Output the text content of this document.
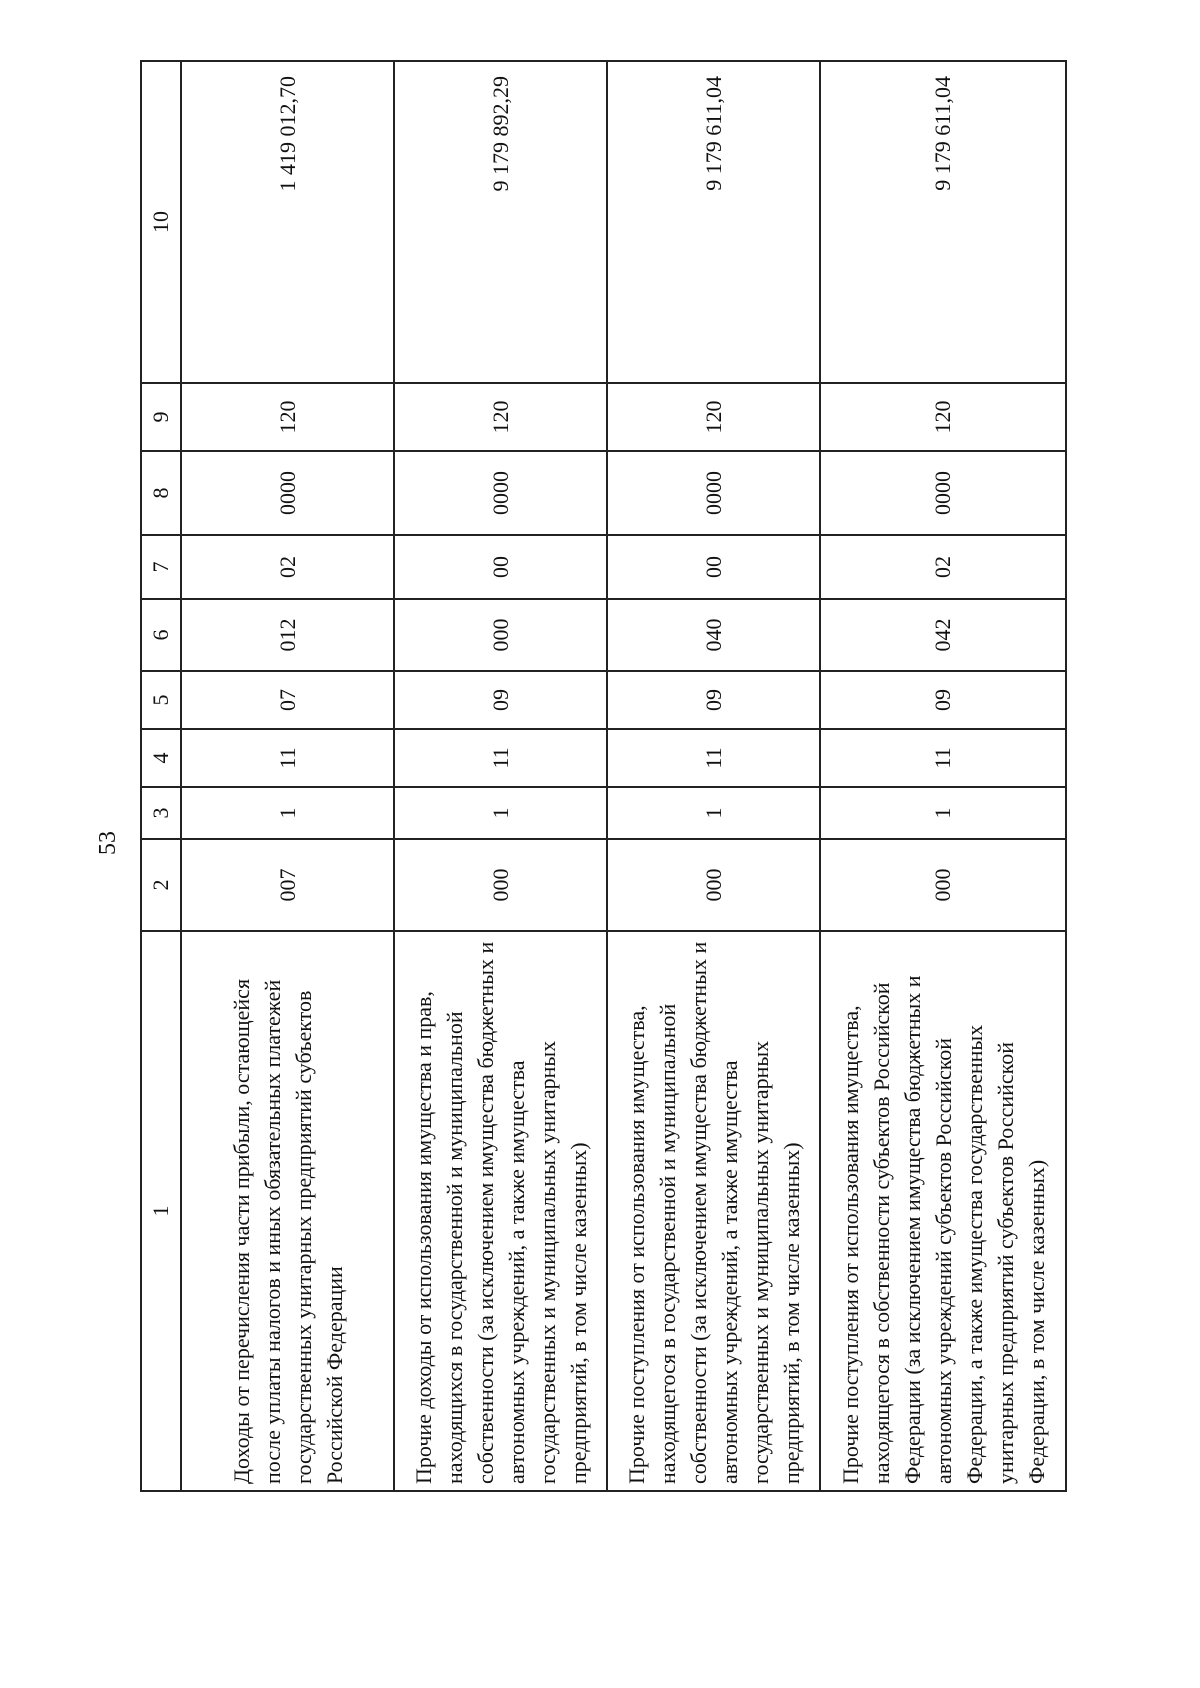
53
1	2	3	4	5	6	7	8	9	10
Доходы от перечисления части прибыли, остающейся после уплаты налогов и иных обязательных платежей государственных унитарных предприятий субъектов Российской Федерации	007	1	11	07	012	02	0000	120	1 419 012,70
Прочие доходы от использования имущества и прав, находящихся в государственной и муниципальной собственности (за исключением имущества бюджетных и автономных учреждений, а также имущества государственных и муниципальных унитарных предприятий, в том числе казенных)	000	1	11	09	000	00	0000	120	9 179 892,29
Прочие поступления от использования имущества, находящегося в государственной и муниципальной собственности (за исключением имущества бюджетных и автономных учреждений, а также имущества государственных и муниципальных унитарных предприятий, в том числе казенных)	000	1	11	09	040	00	0000	120	9 179 611,04
Прочие поступления от использования имущества, находящегося в собственности субъектов Российской Федерации (за исключением имущества бюджетных и автономных учреждений субъектов Российской Федерации, а также имущества государственных унитарных предприятий субъектов Российской Федерации, в том числе казенных)	000	1	11	09	042	02	0000	120	9 179 611,04
